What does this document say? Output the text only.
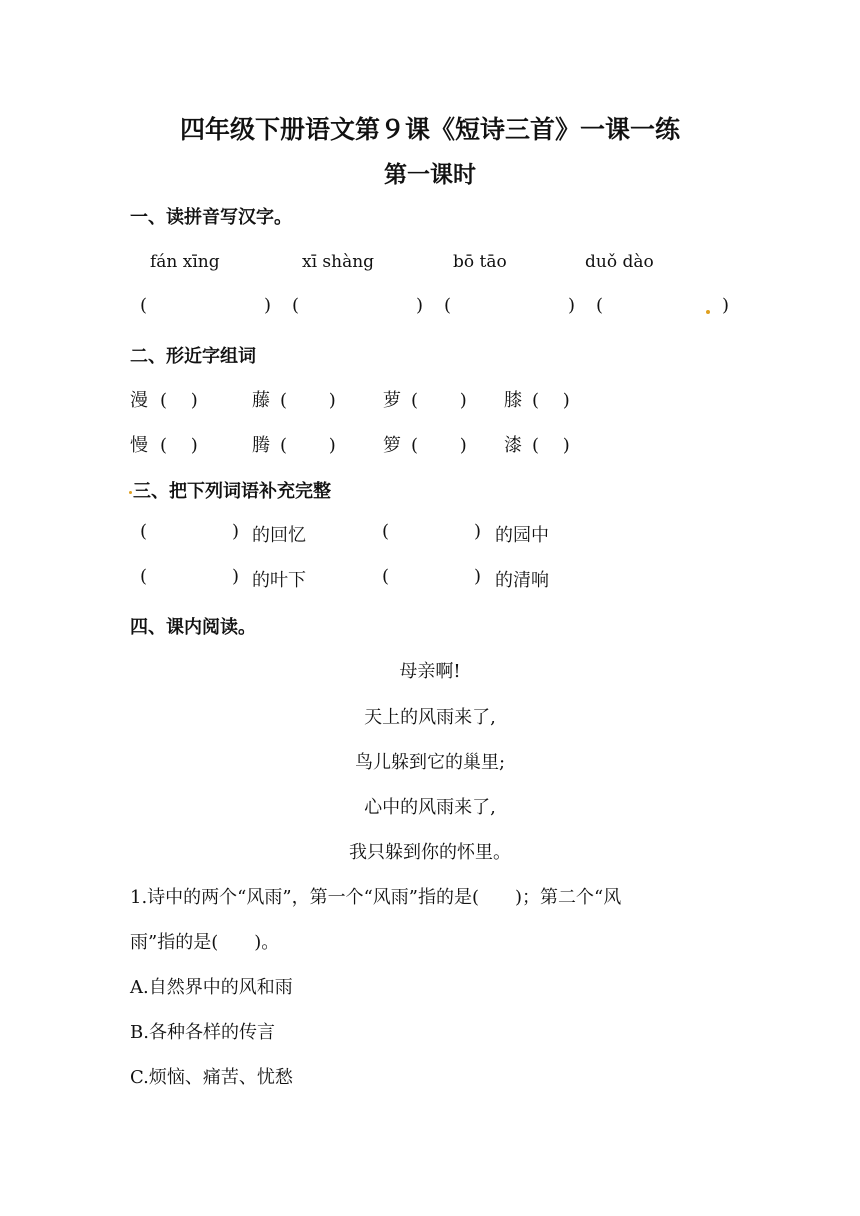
四年级下册语文第９课《短诗三首》一课一练
第一课时
一、读拼音写汉字。
fán xīng	xī shàng	bō tāo	duǒ dào
(	) (	) (	) (	)
二、形近字组词
漫 (　 )	藤 (　 　)	萝 (　 　) 膝 (　 )
慢 (　 )	腾 (　 　)	箩 (　 　) 漆 (　 )
三、把下列词语补充完整
(	) 的回忆	(	) 的园中
(	) 的叶下	(	) 的清响
四、课内阅读。
母亲啊!
天上的风雨来了,
鸟儿躲到它的巢里;
心中的风雨来了,
我只躲到你的怀里。
1.诗中的两个“风雨”，第一个“风雨”指的是(　　)；第二个“风
雨”指的是(　　)。
A.自然界中的风和雨
B.各种各样的传言
C.烦恼、痛苦、忧愁
